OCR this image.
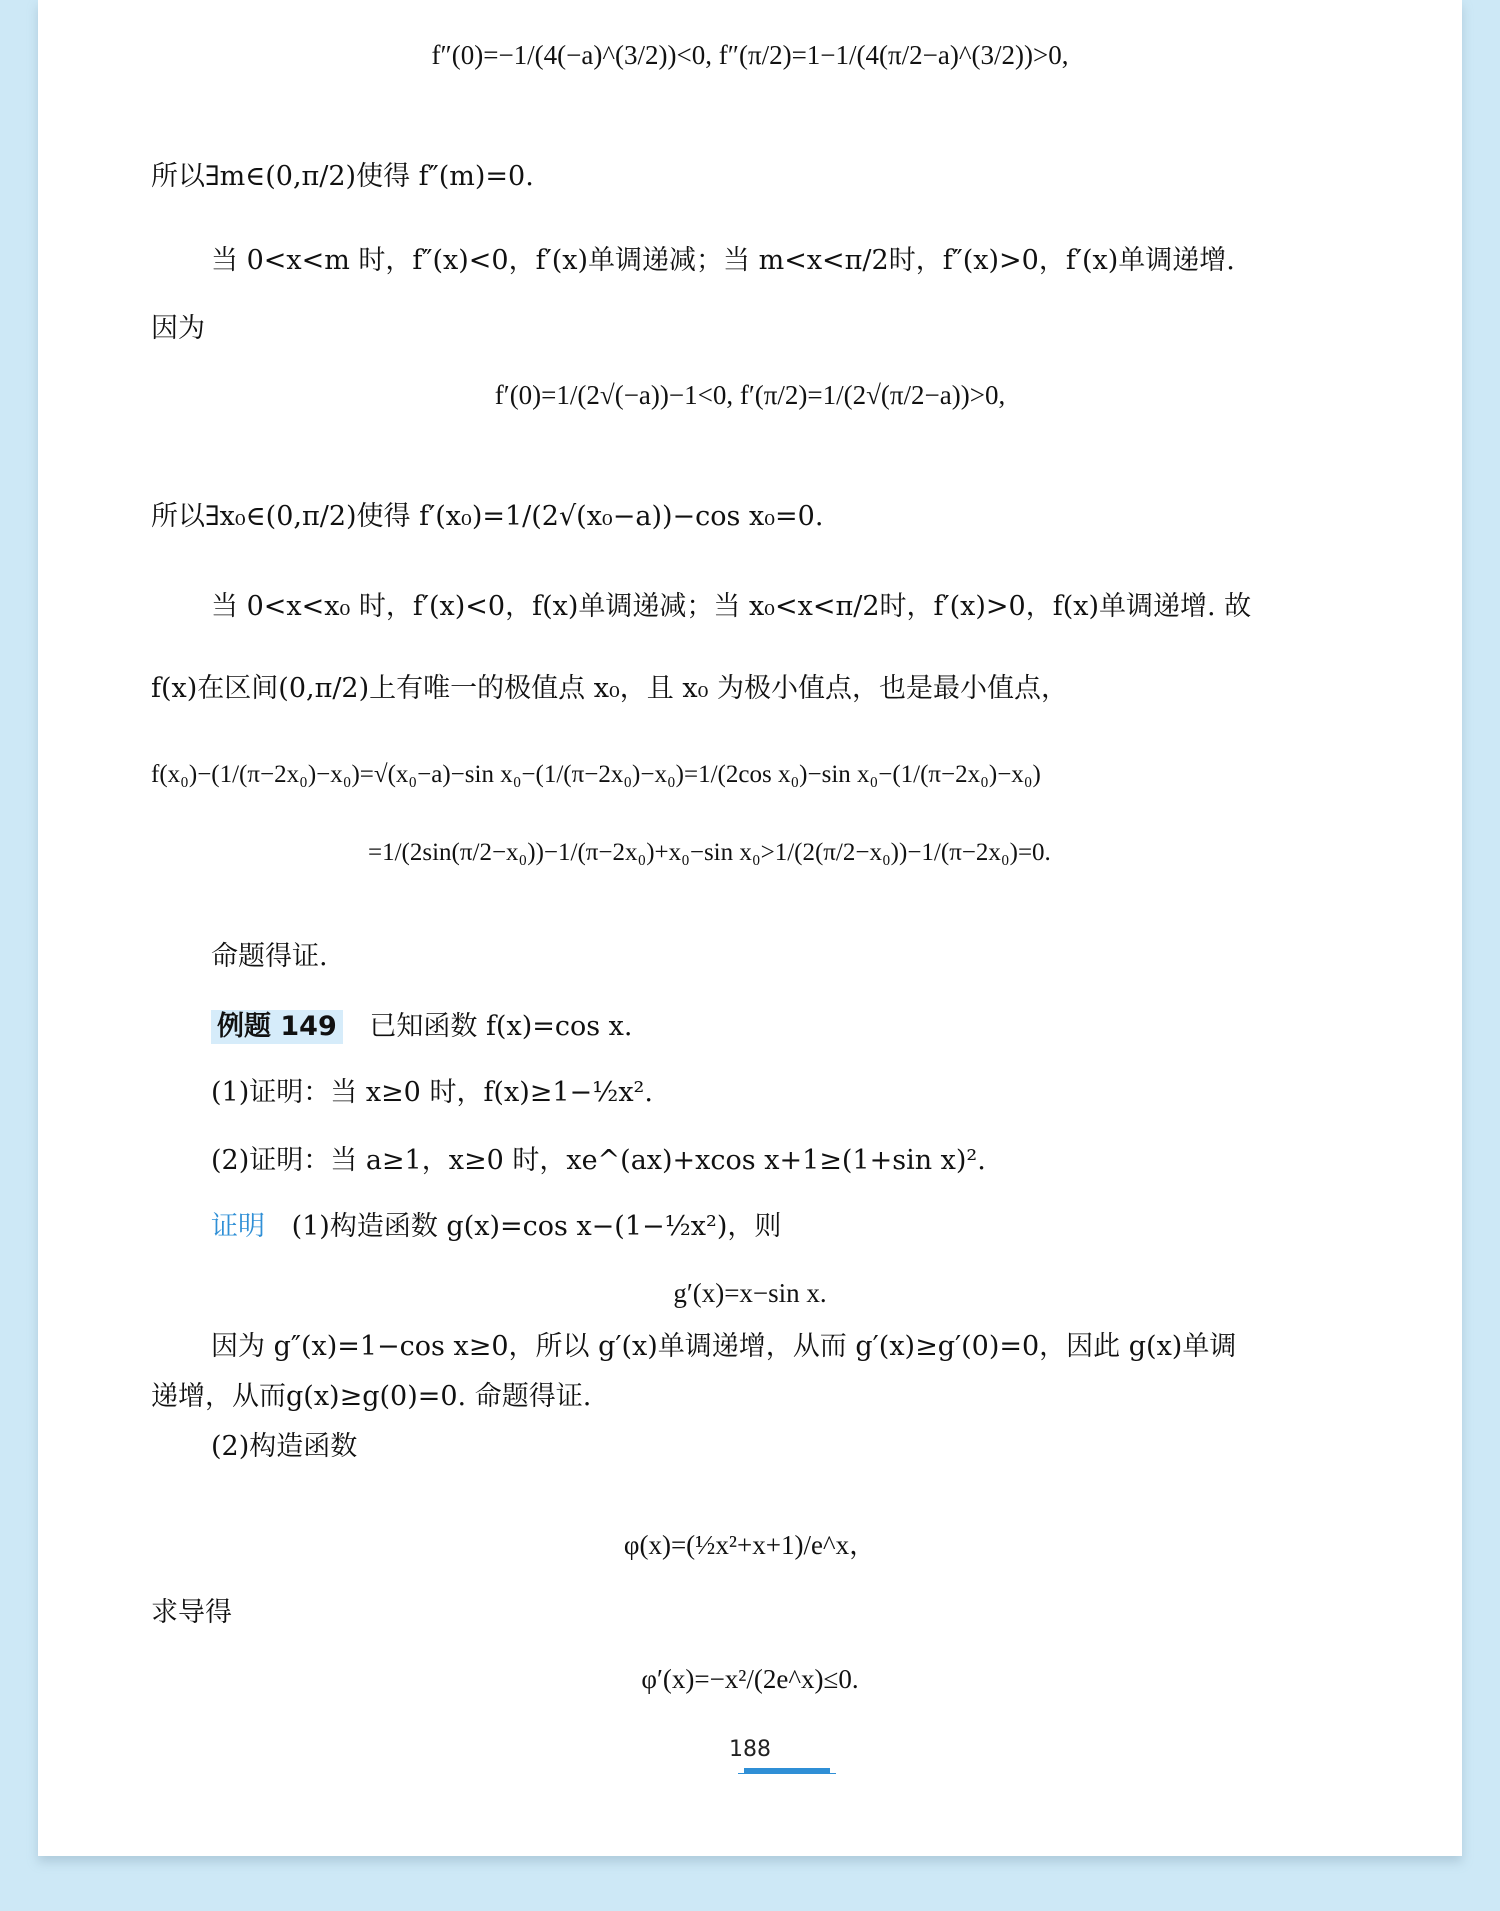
f″(0)=−1/(4(−a)^(3/2))<0, f″(π/2)=1−1/(4(π/2−a)^(3/2))>0,
所以∃m∈(0,π/2)使得 f″(m)=0.
当 0<x<m 时，f″(x)<0，f′(x)单调递减；当 m<x<π/2时，f″(x)>0，f′(x)单调递增.
因为
f′(0)=1/(2√(−a))−1<0, f′(π/2)=1/(2√(π/2−a))>0,
所以∃x₀∈(0,π/2)使得 f′(x₀)=1/(2√(x₀−a))−cos x₀=0.
当 0<x<x₀ 时，f′(x)<0，f(x)单调递减；当 x₀<x<π/2时，f′(x)>0，f(x)单调递增. 故
f(x)在区间(0,π/2)上有唯一的极值点 x₀，且 x₀ 为极小值点，也是最小值点，
f(x₀)−(1/(π−2x₀)−x₀)=√(x₀−a)−sin x₀−(1/(π−2x₀)−x₀)=1/(2cos x₀)−sin x₀−(1/(π−2x₀)−x₀)
=1/(2sin(π/2−x₀))−1/(π−2x₀)+x₀−sin x₀>1/(2(π/2−x₀))−1/(π−2x₀)=0.
命题得证.
例题 149 已知函数 f(x)=cos x.
(1)证明：当 x≥0 时，f(x)≥1−½x².
(2)证明：当 a≥1，x≥0 时，xe^(ax)+xcos x+1≥(1+sin x)².
证明 (1)构造函数 g(x)=cos x−(1−½x²)，则
g′(x)=x−sin x.
因为 g″(x)=1−cos x≥0，所以 g′(x)单调递增，从而 g′(x)≥g′(0)=0，因此 g(x)单调
递增，从而g(x)≥g(0)=0. 命题得证.
(2)构造函数
φ(x)=(½x²+x+1)/e^x，
求导得
φ′(x)=−x²/(2e^x)≤0.
188
